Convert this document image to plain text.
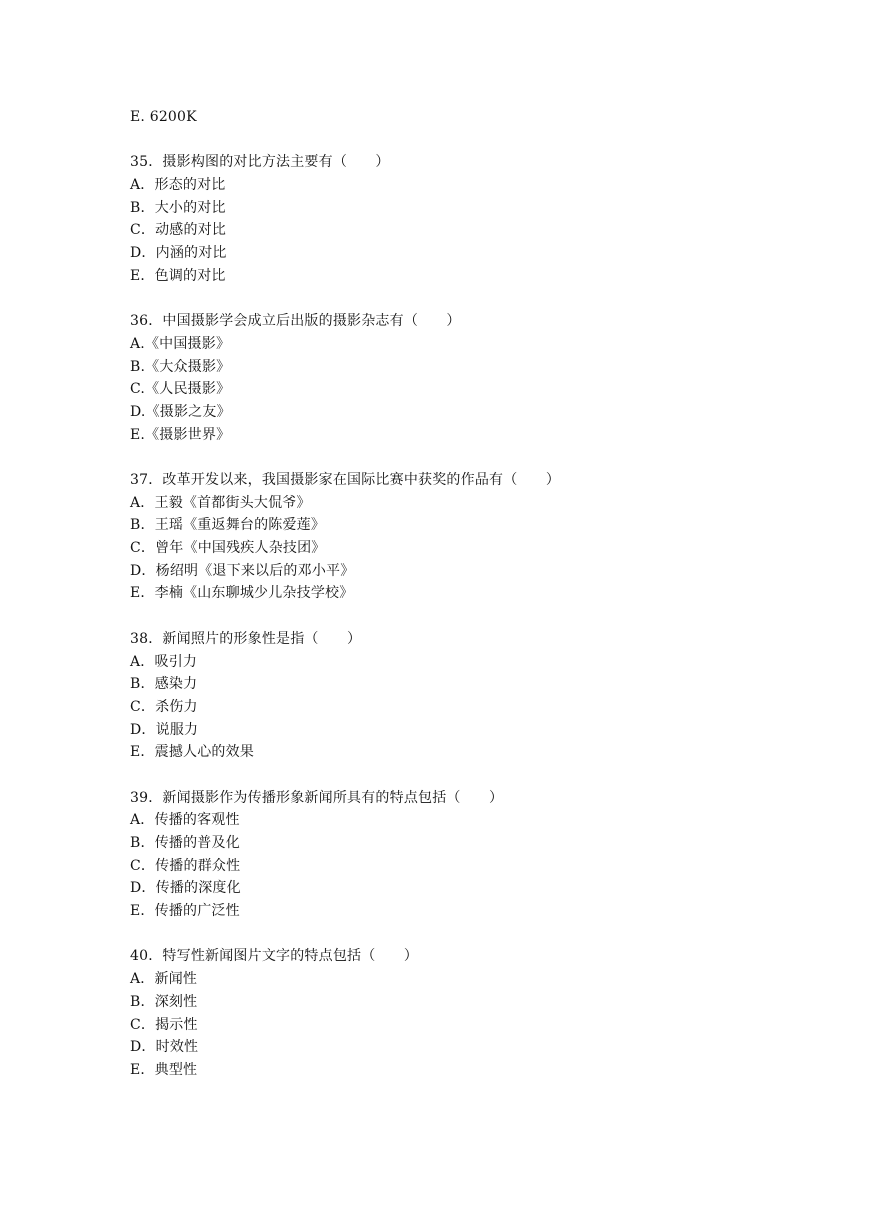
E. 6200K
35．摄影构图的对比方法主要有（　　）
A．形态的对比
B．大小的对比
C．动感的对比
D．内涵的对比
E．色调的对比
36．中国摄影学会成立后出版的摄影杂志有（　　）
A.《中国摄影》
B.《大众摄影》
C.《人民摄影》
D.《摄影之友》
E.《摄影世界》
37．改革开发以来，我国摄影家在国际比赛中获奖的作品有（　　）
A．王毅《首都街头大侃爷》
B．王瑶《重返舞台的陈爱莲》
C．曾年《中国残疾人杂技团》
D．杨绍明《退下来以后的邓小平》
E．李楠《山东聊城少儿杂技学校》
38．新闻照片的形象性是指（　　）
A．吸引力
B．感染力
C．杀伤力
D．说服力
E．震撼人心的效果
39．新闻摄影作为传播形象新闻所具有的特点包括（　　）
A．传播的客观性
B．传播的普及化
C．传播的群众性
D．传播的深度化
E．传播的广泛性
40．特写性新闻图片文字的特点包括（　　）
A．新闻性
B．深刻性
C．揭示性
D．时效性
E．典型性
